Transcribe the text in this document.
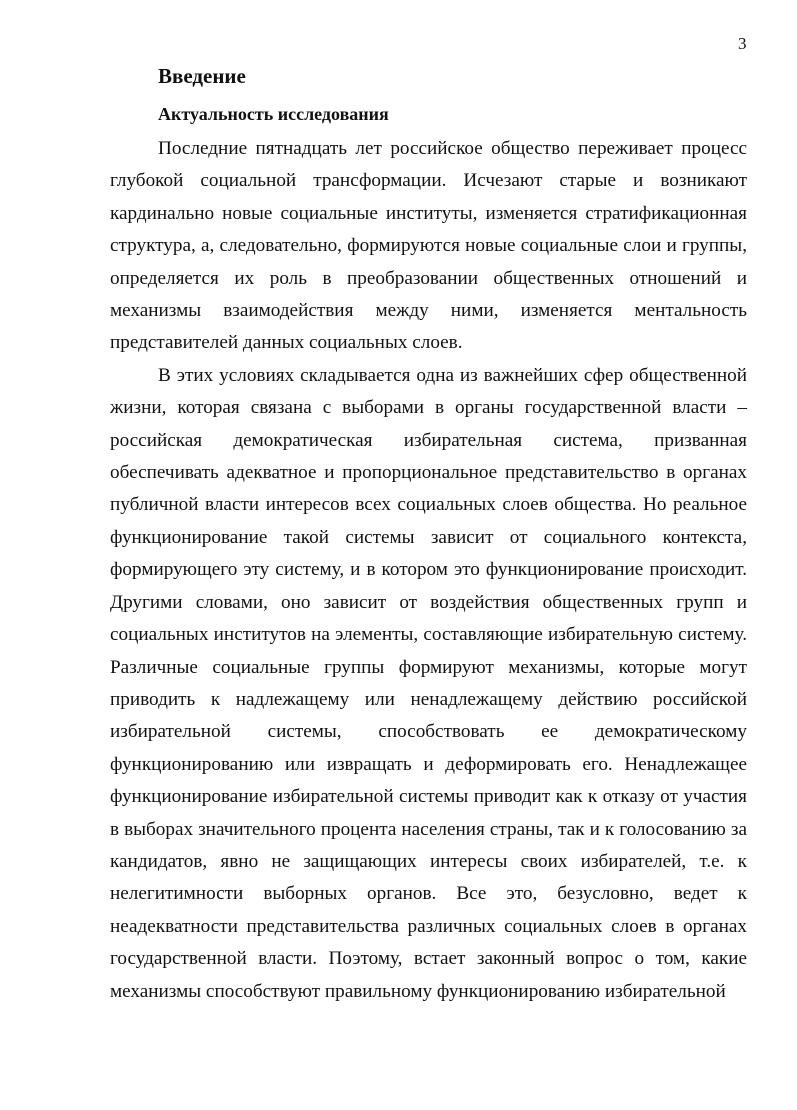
3
Введение
Актуальность исследования

Последние пятнадцать лет российское общество переживает процесс глубокой социальной трансформации. Исчезают старые и возникают кардинально новые социальные институты, изменяется стратификационная структура, а, следовательно, формируются новые социальные слои и группы, определяется их роль в преобразовании общественных отношений и механизмы взаимодействия между ними, изменяется ментальность представителей данных социальных слоев.

В этих условиях складывается одна из важнейших сфер общественной жизни, которая связана с выборами в органы государственной власти – российская демократическая избирательная система, призванная обеспечивать адекватное и пропорциональное представительство в органах публичной власти интересов всех социальных слоев общества. Но реальное функционирование такой системы зависит от социального контекста, формирующего эту систему, и в котором это функционирование происходит. Другими словами, оно зависит от воздействия общественных групп и социальных институтов на элементы, составляющие избирательную систему. Различные социальные группы формируют механизмы, которые могут приводить к надлежащему или ненадлежащему действию российской избирательной системы, способствовать ее демократическому функционированию или извращать и деформировать его. Ненадлежащее функционирование избирательной системы приводит как к отказу от участия в выборах значительного процента населения страны, так и к голосованию за кандидатов, явно не защищающих интересы своих избирателей, т.е. к нелегитимности выборных органов. Все это, безусловно, ведет к неадекватности представительства различных социальных слоев в органах государственной власти. Поэтому, встает законный вопрос о том, какие механизмы способствуют правильному функционированию избирательной
